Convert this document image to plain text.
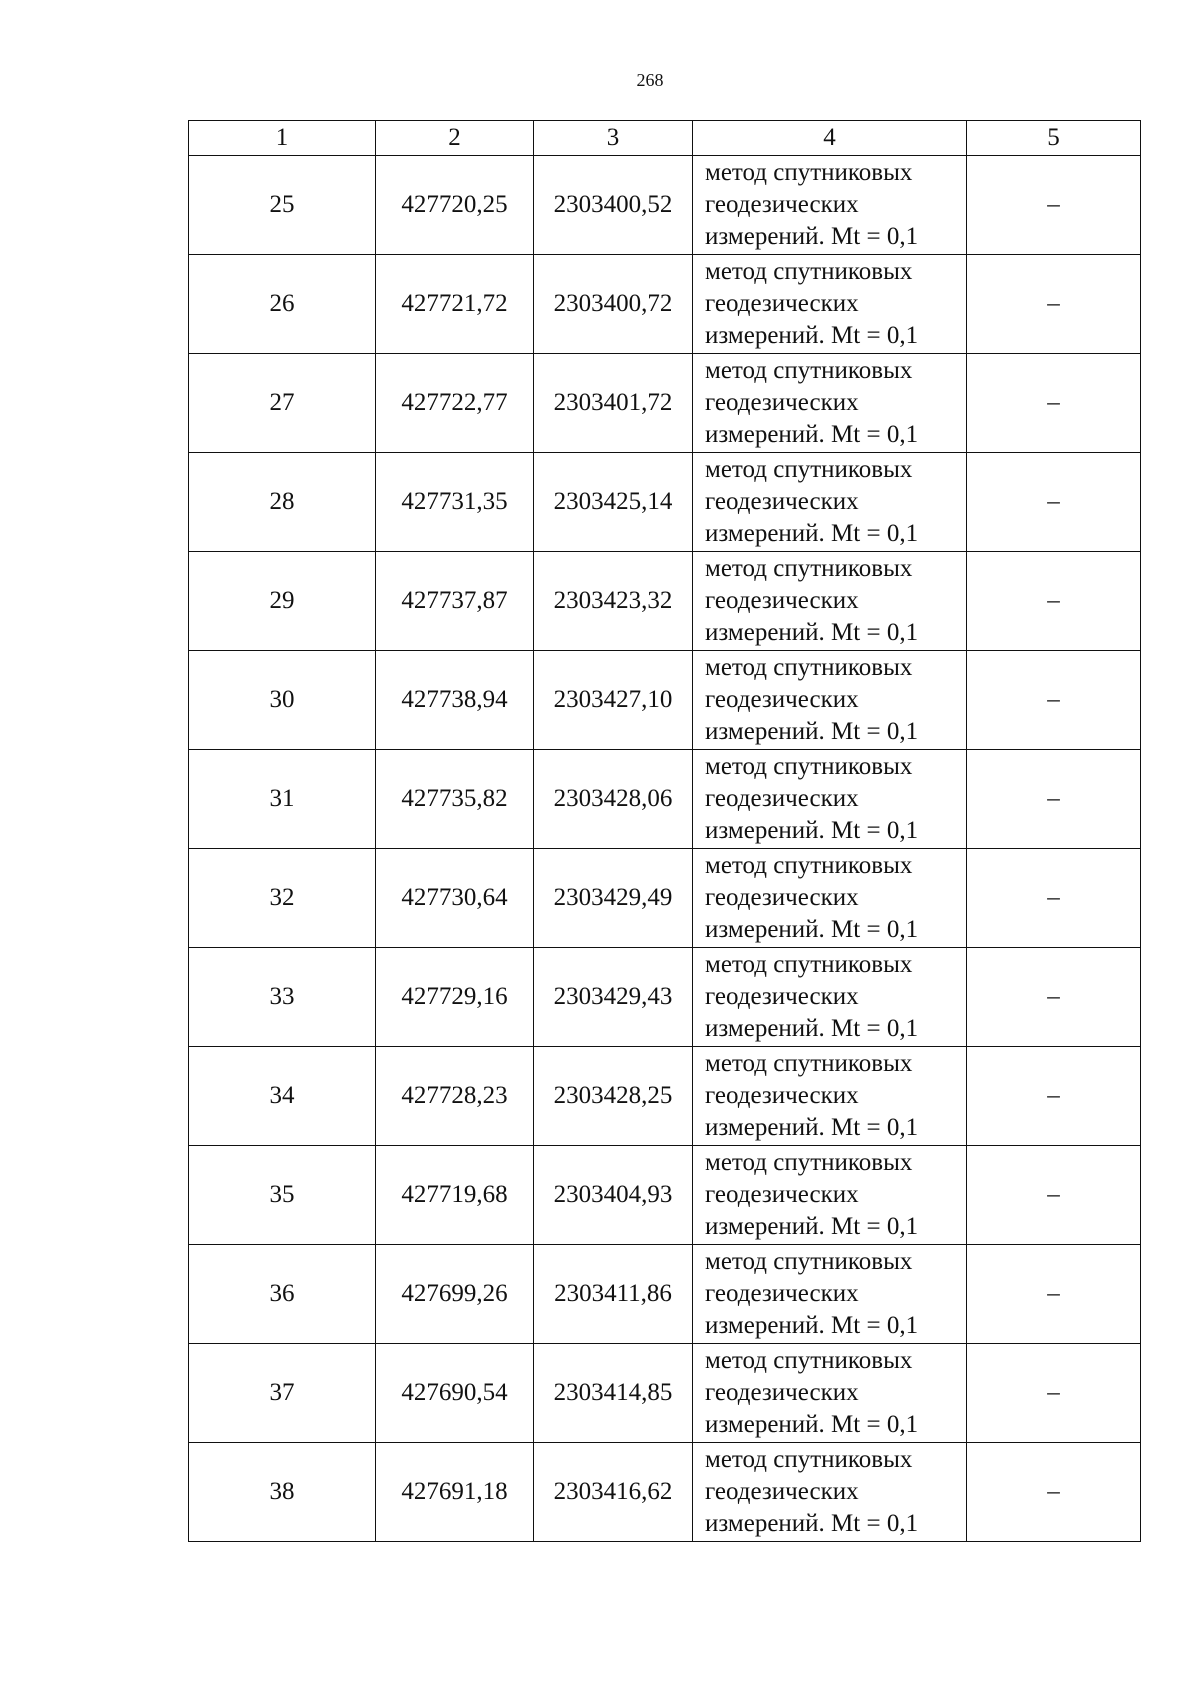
268
1	2	3	4	5
25	427720,25	2303400,52	метод спутниковых геодезических измерений. Mt = 0,1	–
26	427721,72	2303400,72	метод спутниковых геодезических измерений. Mt = 0,1	–
27	427722,77	2303401,72	метод спутниковых геодезических измерений. Mt = 0,1	–
28	427731,35	2303425,14	метод спутниковых геодезических измерений. Mt = 0,1	–
29	427737,87	2303423,32	метод спутниковых геодезических измерений. Mt = 0,1	–
30	427738,94	2303427,10	метод спутниковых геодезических измерений. Mt = 0,1	–
31	427735,82	2303428,06	метод спутниковых геодезических измерений. Mt = 0,1	–
32	427730,64	2303429,49	метод спутниковых геодезических измерений. Mt = 0,1	–
33	427729,16	2303429,43	метод спутниковых геодезических измерений. Mt = 0,1	–
34	427728,23	2303428,25	метод спутниковых геодезических измерений. Mt = 0,1	–
35	427719,68	2303404,93	метод спутниковых геодезических измерений. Mt = 0,1	–
36	427699,26	2303411,86	метод спутниковых геодезических измерений. Mt = 0,1	–
37	427690,54	2303414,85	метод спутниковых геодезических измерений. Mt = 0,1	–
38	427691,18	2303416,62	метод спутниковых геодезических измерений. Mt = 0,1	–
